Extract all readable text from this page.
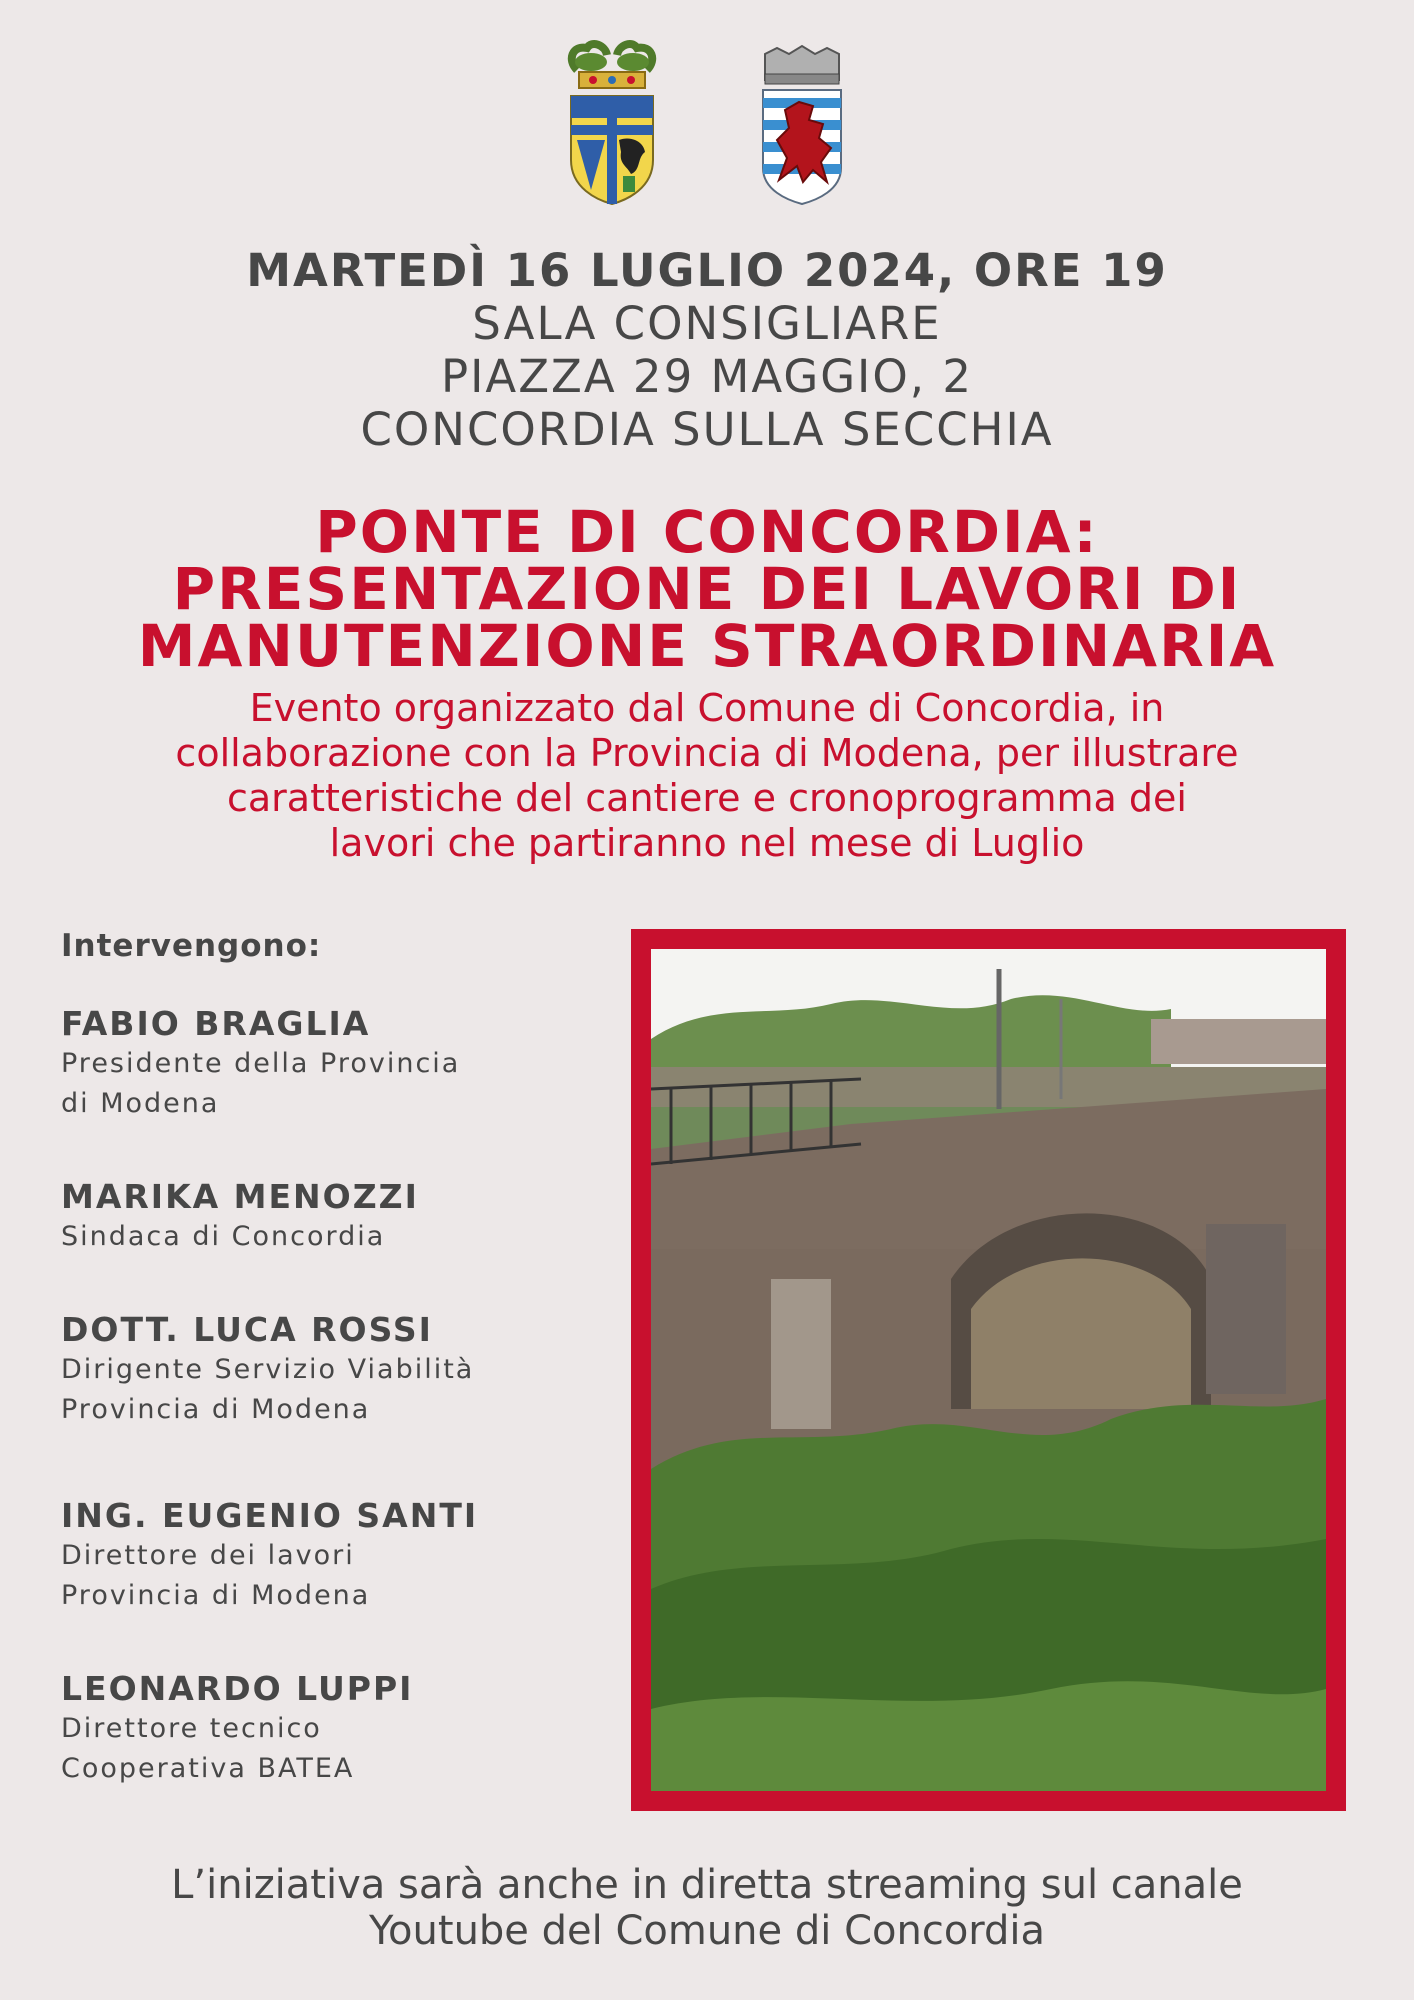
MARTEDÌ 16 LUGLIO 2024, ORE 19
SALA CONSIGLIARE
PIAZZA 29 MAGGIO, 2
CONCORDIA SULLA SECCHIA
PONTE DI CONCORDIA:
PRESENTAZIONE DEI LAVORI DI
MANUTENZIONE STRAORDINARIA
Evento organizzato dal Comune di Concordia, in
collaborazione con la Provincia di Modena, per illustrare
caratteristiche del cantiere e cronoprogramma dei
lavori che partiranno nel mese di Luglio
Intervengono:
FABIO BRAGLIA
Presidente della Provincia
di Modena
MARIKA MENOZZI
Sindaca di Concordia
DOTT. LUCA ROSSI
Dirigente Servizio Viabilità
Provincia di Modena
ING. EUGENIO SANTI
Direttore dei lavori
Provincia di Modena
LEONARDO LUPPI
Direttore tecnico
Cooperativa BATEA
L’iniziativa sarà anche in diretta streaming sul canale
Youtube del Comune di Concordia
